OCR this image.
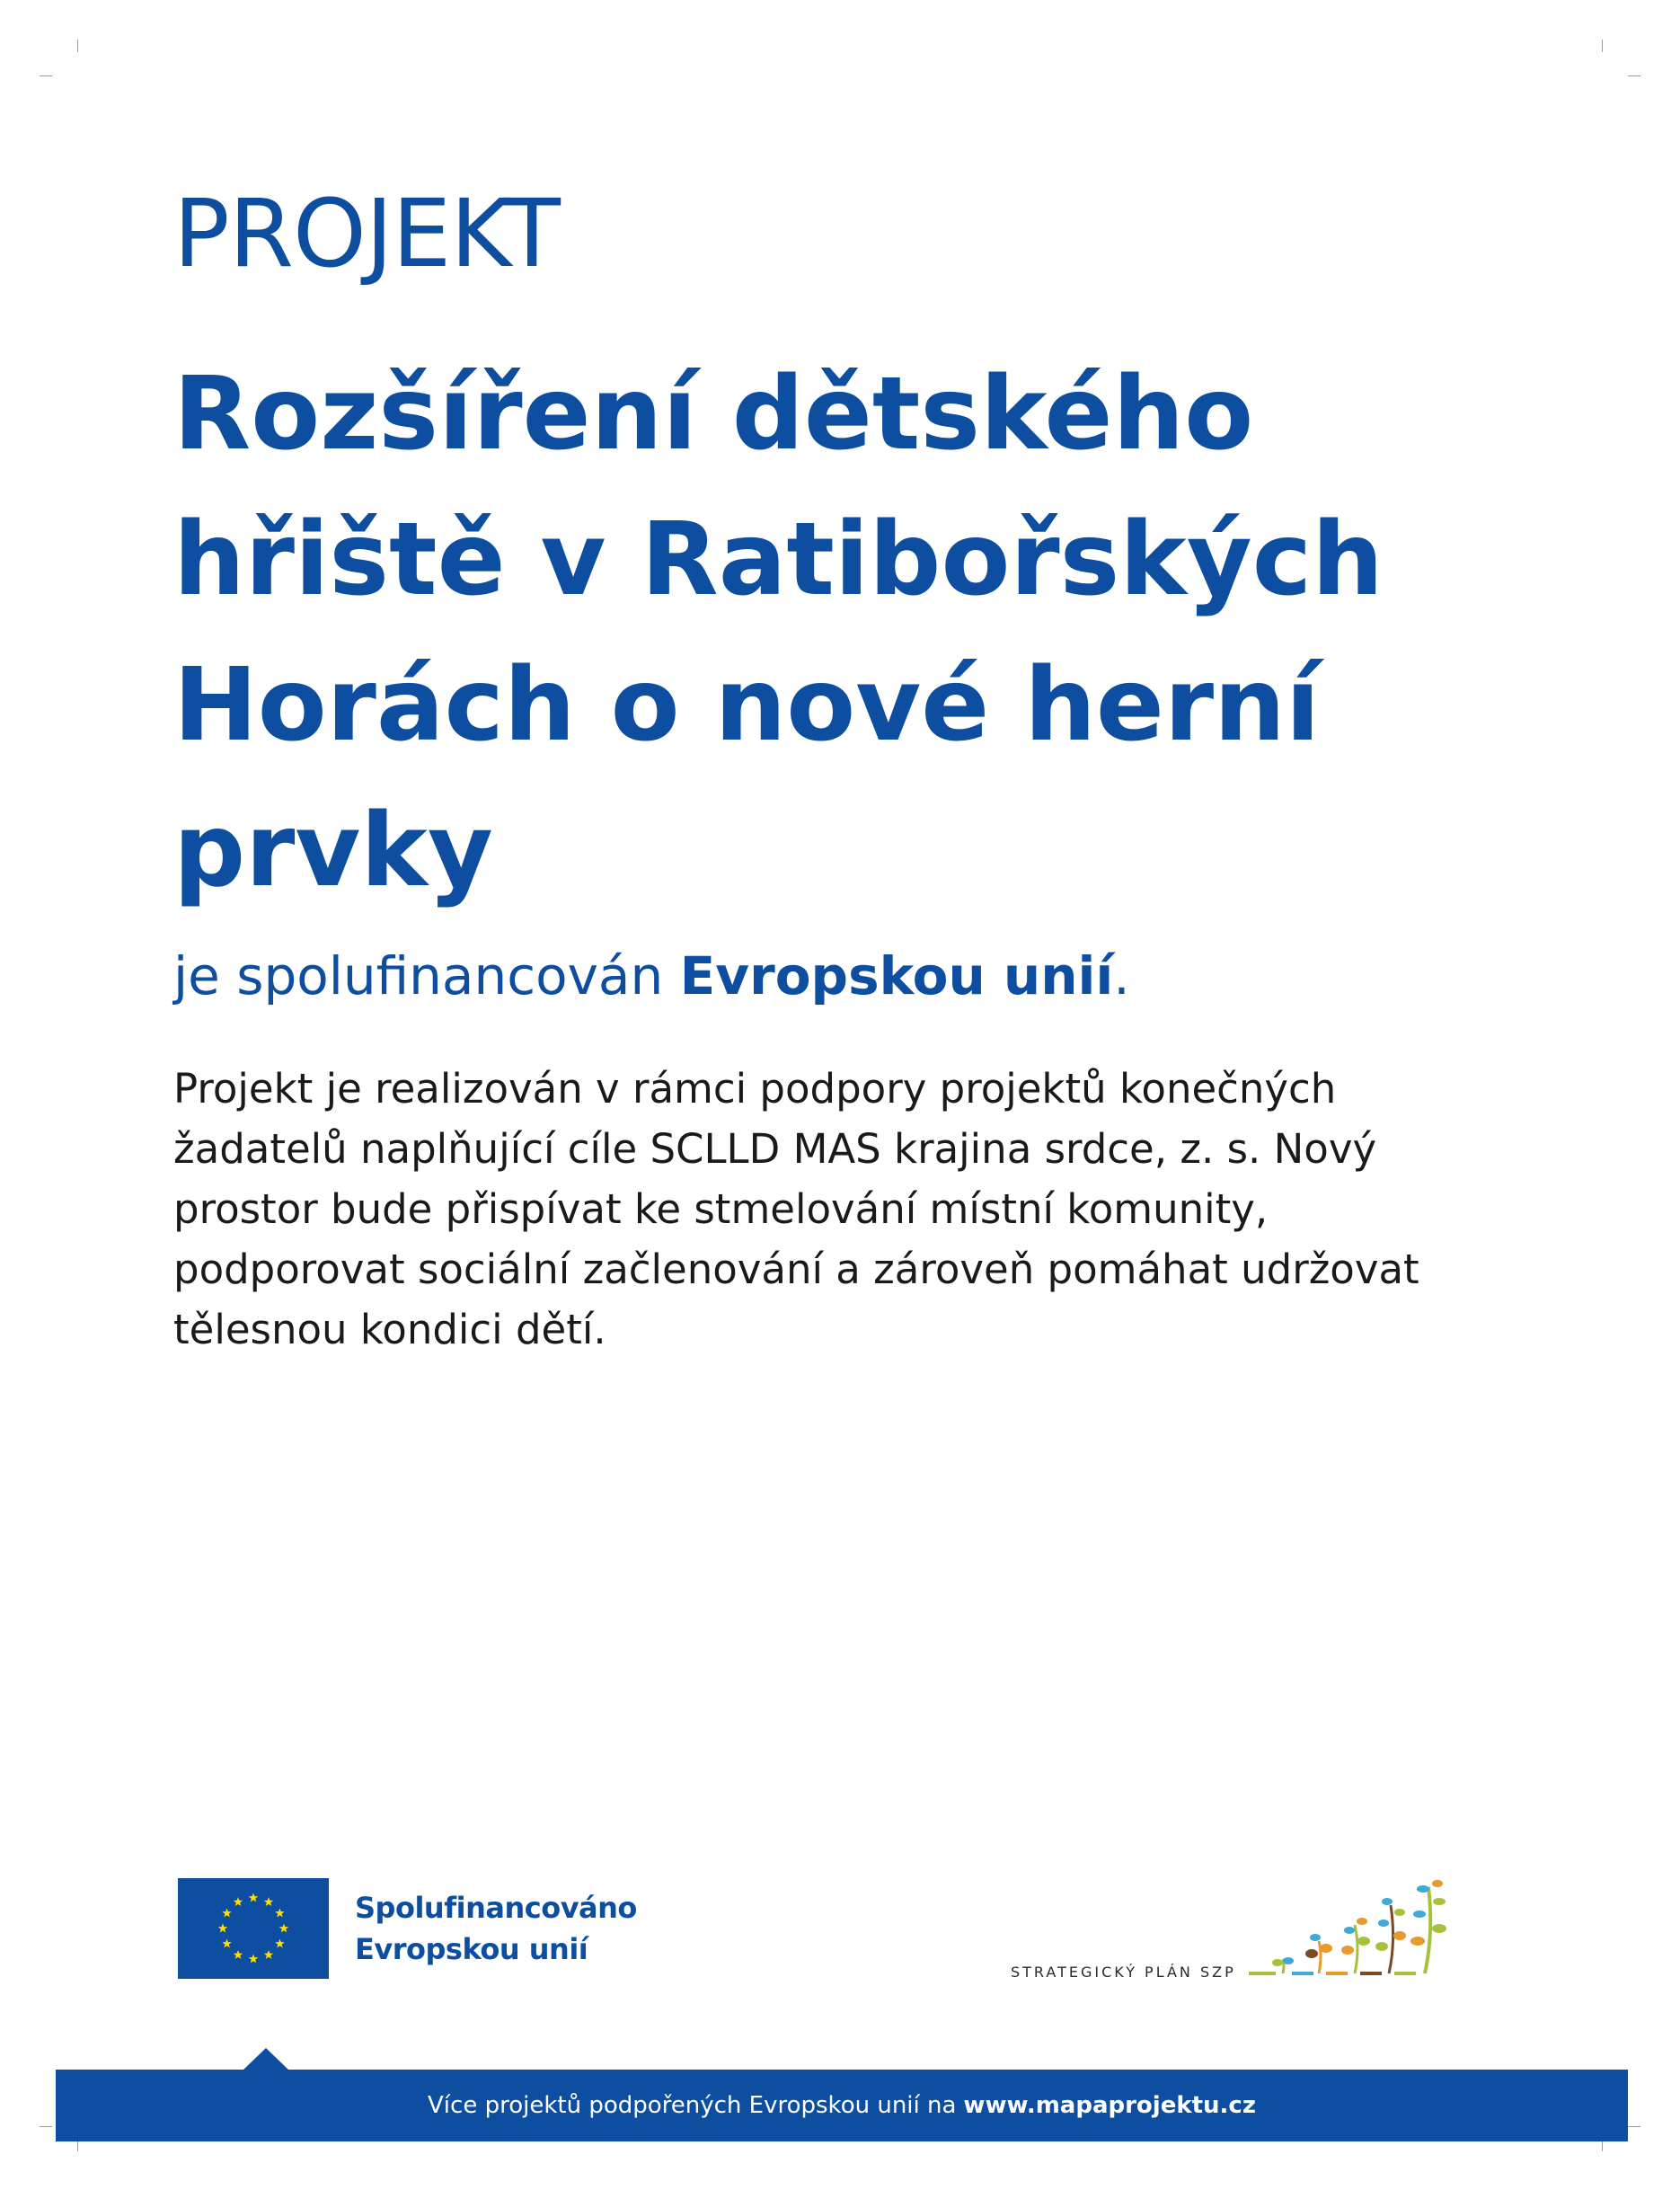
PROJEKT
Rozšíření dětského
hřiště v Ratibořských
Horách o nové herní
prvky
je spolufinancován Evropskou unií.

Projekt je realizován v rámci podpory projektů konečných
žadatelů naplňující cíle SCLLD MAS krajina srdce, z. s. Nový
prostor bude přispívat ke stmelování místní komunity,
podporovat sociální začlenování a zároveň pomáhat udržovat
tělesnou kondici dětí.

Spolufinancováno
Evropskou unií
STRATEGICKÝ PLÁN SZP
Více projektů podpořených Evropskou unií na www.mapaprojektu.cz
